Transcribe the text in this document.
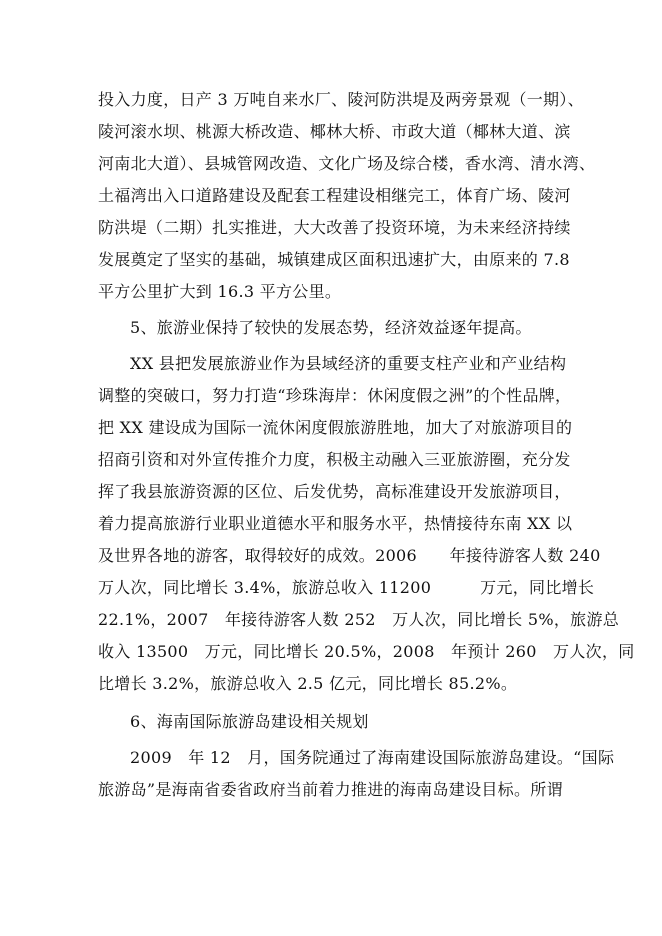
投入力度，日产 3 万吨自来水厂、陵河防洪堤及两旁景观（一期）、
陵河滚水坝、桃源大桥改造、椰林大桥、市政大道（椰林大道、滨
河南北大道）、县城管网改造、文化广场及综合楼，香水湾、清水湾、
土福湾出入口道路建设及配套工程建设相继完工，体育广场、陵河
防洪堤（二期）扎实推进，大大改善了投资环境，为未来经济持续
发展奠定了坚实的基础，城镇建成区面积迅速扩大，由原来的 7.8
平方公里扩大到 16.3 平方公里。
5、旅游业保持了较快的发展态势，经济效益逐年提高。
XX 县把发展旅游业作为县域经济的重要支柱产业和产业结构
调整的突破口，努力打造“珍珠海岸：休闲度假之洲”的个性品牌，
把 XX 建设成为国际一流休闲度假旅游胜地，加大了对旅游项目的
招商引资和对外宣传推介力度，积极主动融入三亚旅游圈，充分发
挥了我县旅游资源的区位、后发优势，高标准建设开发旅游项目，
着力提高旅游行业职业道德水平和服务水平，热情接待东南 XX 以
及世界各地的游客，取得较好的成效。2006　　年接待游客人数 240
万人次，同比增长 3.4%，旅游总收入 11200　　　万元，同比增长
22.1%，2007　年接待游客人数 252　万人次，同比增长 5%，旅游总
收入 13500　万元，同比增长 20.5%，2008　年预计 260　万人次，同
比增长 3.2%，旅游总收入 2.5 亿元，同比增长 85.2%。
6、海南国际旅游岛建设相关规划
2009　年 12　月，国务院通过了海南建设国际旅游岛建设。“国际
旅游岛”是海南省委省政府当前着力推进的海南岛建设目标。所谓
